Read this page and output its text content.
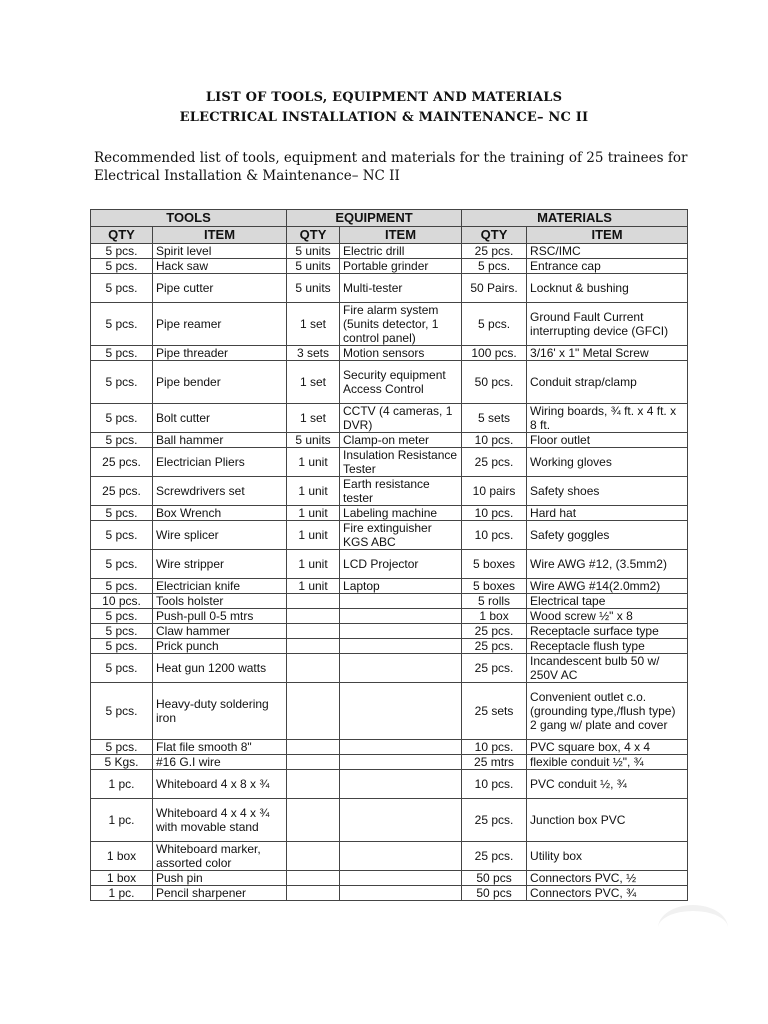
LIST OF TOOLS, EQUIPMENT AND MATERIALS
ELECTRICAL INSTALLATION & MAINTENANCE– NC II
Recommended list of tools, equipment and materials for the training of 25 trainees for Electrical Installation & Maintenance– NC II
TOOLS		EQUIPMENT		MATERIALS	
QTY	ITEM	QTY	ITEM	QTY	ITEM
5 pcs.	Spirit level	5 units	Electric drill	25 pcs.	RSC/IMC
5 pcs.	Hack saw	5 units	Portable grinder	5 pcs.	Entrance cap
5 pcs.	Pipe cutter	5 units	Multi-tester	50 Pairs.	Locknut & bushing
5 pcs.	Pipe reamer	1 set	Fire alarm system (5units detector, 1 control panel)	5 pcs.	Ground Fault Current interrupting device (GFCI)
5 pcs.	Pipe threader	3 sets	Motion sensors	100 pcs.	3/16' x 1" Metal Screw
5 pcs.	Pipe bender	1 set	Security equipment Access Control	50 pcs.	Conduit strap/clamp
5 pcs.	Bolt cutter	1 set	CCTV (4 cameras, 1 DVR)	5 sets	Wiring boards, ¾ ft. x 4 ft. x 8 ft.
5 pcs.	Ball hammer	5 units	Clamp-on meter	10 pcs.	Floor outlet
25 pcs.	Electrician Pliers	1 unit	Insulation Resistance Tester	25 pcs.	Working gloves
25 pcs.	Screwdrivers set	1 unit	Earth resistance tester	10 pairs	Safety shoes
5 pcs.	Box Wrench	1 unit	Labeling machine	10 pcs.	Hard hat
5 pcs.	Wire splicer	1 unit	Fire extinguisher KGS ABC	10 pcs.	Safety goggles
5 pcs.	Wire stripper	1 unit	LCD Projector	5 boxes	Wire AWG #12, (3.5mm2)
5 pcs.	Electrician knife	1 unit	Laptop	5 boxes	Wire AWG #14(2.0mm2)
10 pcs.	Tools holster			5 rolls	Electrical tape
5 pcs.	Push-pull 0-5 mtrs			1 box	Wood screw ½" x 8
5 pcs.	Claw hammer			25 pcs.	Receptacle surface type
5 pcs.	Prick punch			25 pcs.	Receptacle flush type
5 pcs.	Heat gun 1200 watts			25 pcs.	Incandescent bulb 50 w/ 250V AC
5 pcs.	Heavy-duty soldering iron			25 sets	Convenient outlet c.o. (grounding type,/flush type) 2 gang w/ plate and cover
5 pcs.	Flat file smooth 8"			10 pcs.	PVC square box, 4 x 4
5 Kgs.	#16 G.I wire			25 mtrs	flexible conduit ½", ¾
1 pc.	Whiteboard 4 x 8 x ¾			10 pcs.	PVC conduit ½, ¾
1 pc.	Whiteboard 4 x 4 x ¾ with movable stand			25 pcs.	Junction box PVC
1 box	Whiteboard marker, assorted color			25 pcs.	Utility box
1 box	Push pin			50 pcs	Connectors PVC, ½
1 pc.	Pencil sharpener			50 pcs	Connectors PVC, ¾
